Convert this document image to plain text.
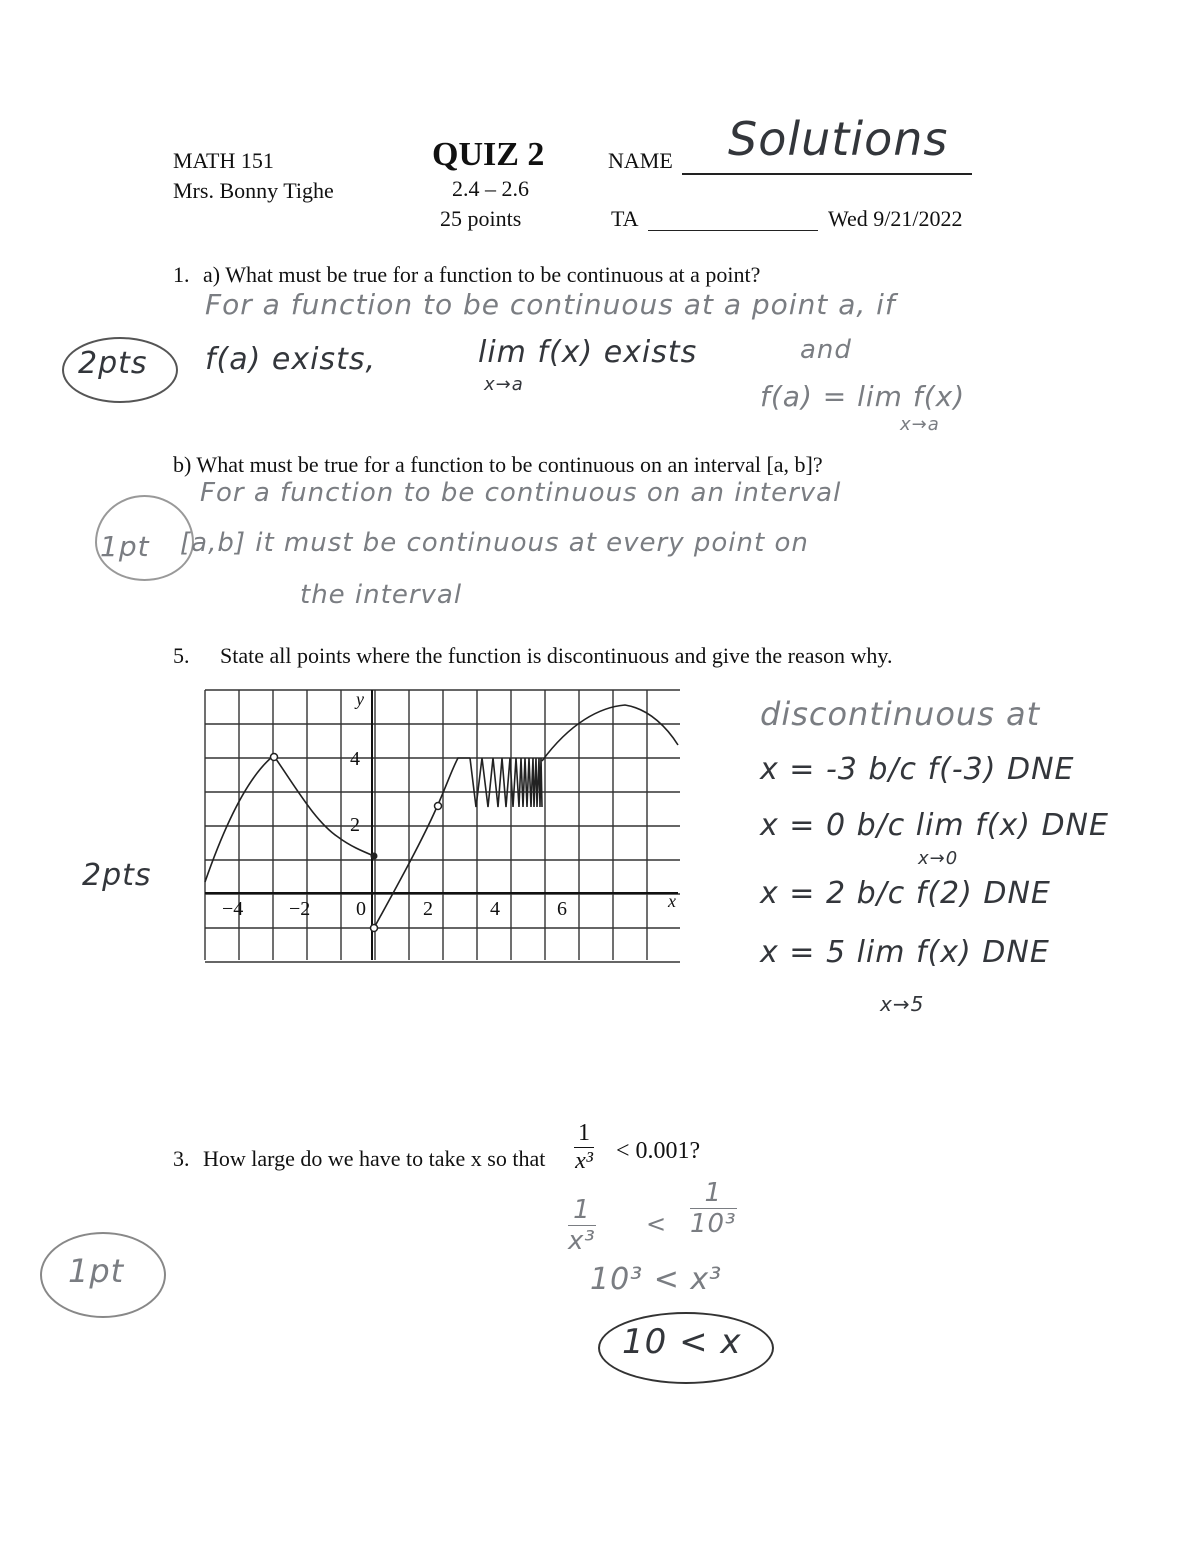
MATH 151
Mrs. Bonny Tighe
QUIZ 2
2.4 – 2.6
25 points
NAME Solutions
TA	Wed 9/21/2022
1. a) What must be true for a function to be continuous at a point?
2pts
For a function to be continuous at a point a, if
f(a) exists,	lim f(x) exists
x→a
and
f(a) = lim f(x)
x→a
b) What must be true for a function to be continuous on an interval [a, b]?
1pt
For a function to be continuous on an interval
[a,b] it must be continuous at every point on
the interval
5. State all points where the function is discontinuous and give the reason why.
2pts
−4 −2 0	2	4	6
4
2
x
y	discontinuous at
x = -3 b/c f(-3) DNE
x = 0 b/c lim f(x) DNE
x→0
x = 2 b/c f(2) DNE
x = 5 lim f(x) DNE
x→5
3. How large do we have to take x so that $\frac{1}{\text{x³}} < 0.001$?
1pt
$\frac{1}{\text{x³}} < \frac{1}{\text{10³}}$
10³ < x³
10 < x
